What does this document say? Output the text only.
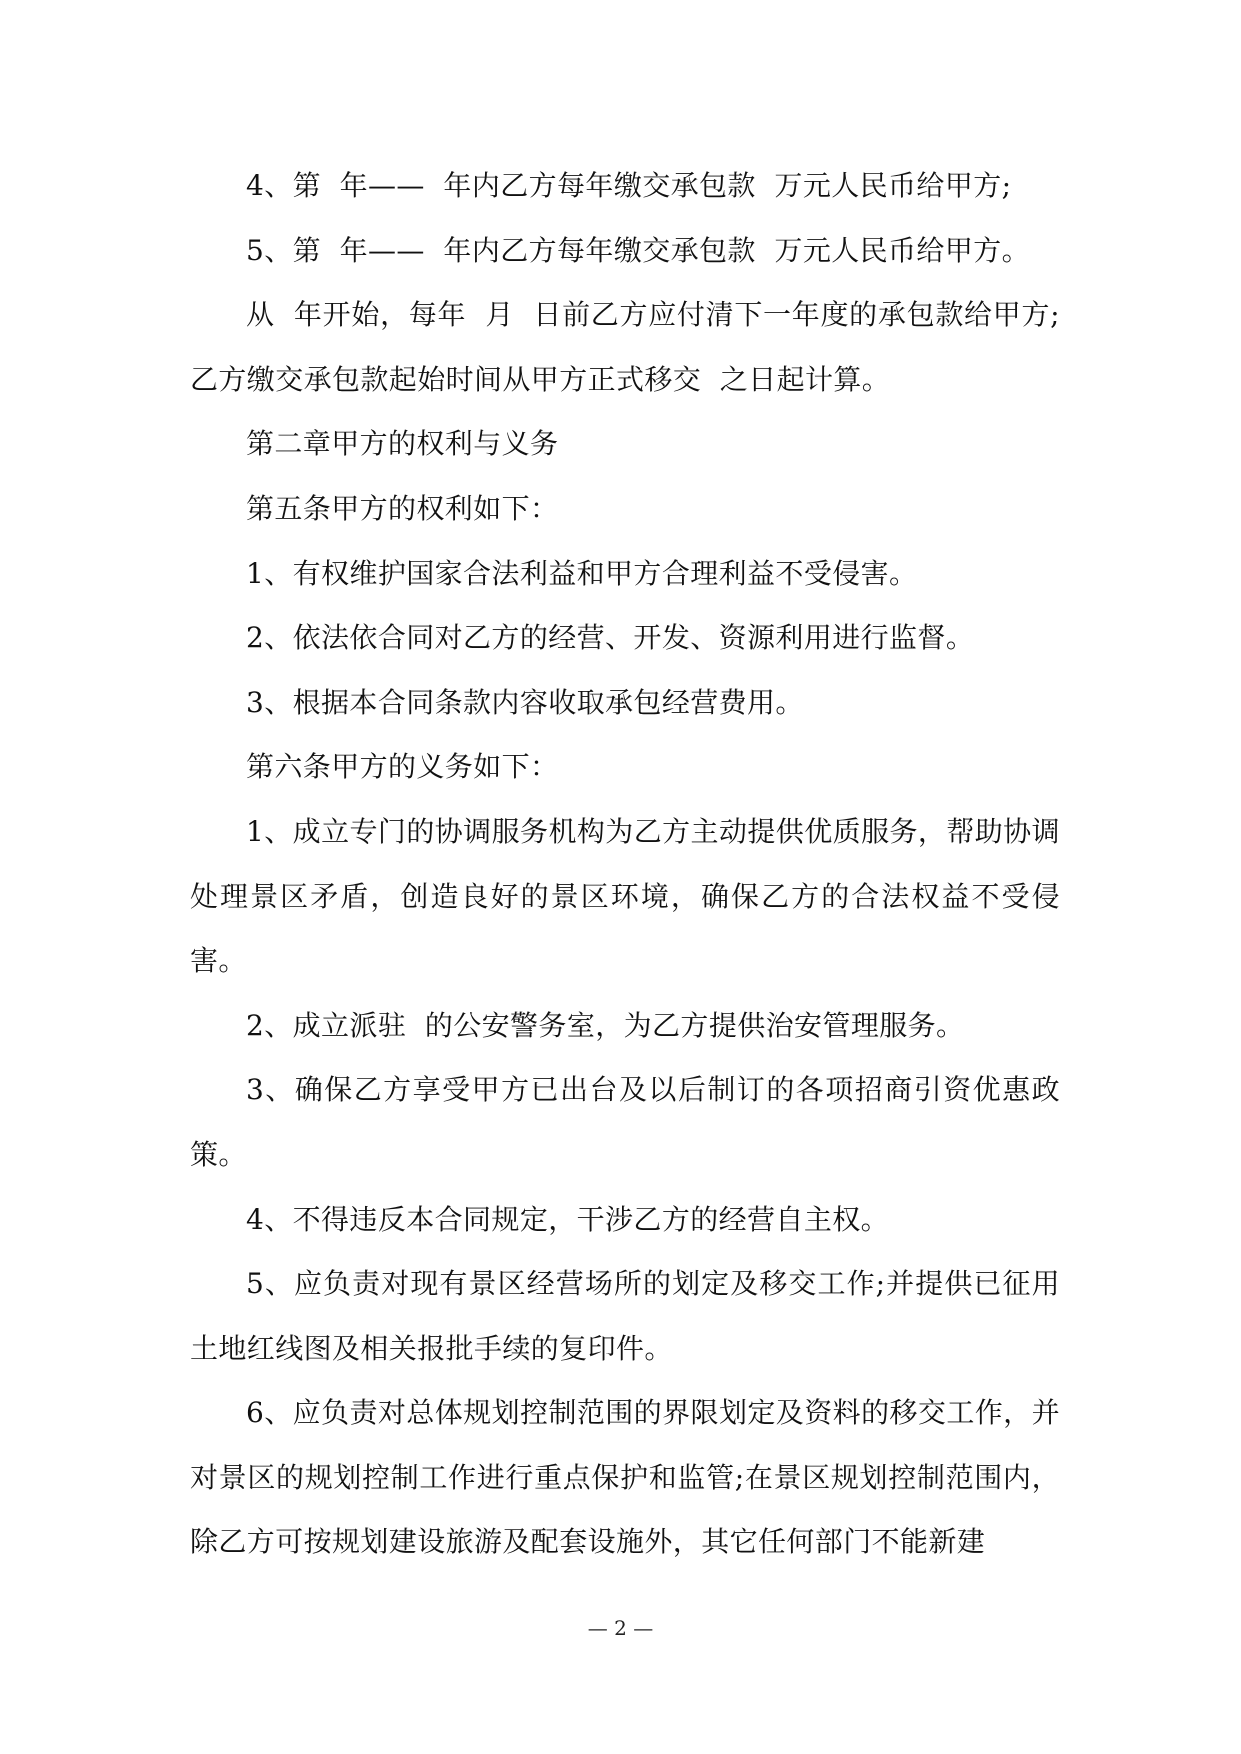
4、第  年——  年内乙方每年缴交承包款  万元人民币给甲方;

5、第  年——  年内乙方每年缴交承包款  万元人民币给甲方。

从  年开始，每年  月  日前乙方应付清下一年度的承包款给甲方;乙方缴交承包款起始时间从甲方正式移交  之日起计算。

第二章甲方的权利与义务

第五条甲方的权利如下：

1、有权维护国家合法利益和甲方合理利益不受侵害。

2、依法依合同对乙方的经营、开发、资源利用进行监督。

3、根据本合同条款内容收取承包经营费用。

第六条甲方的义务如下：

1、成立专门的协调服务机构为乙方主动提供优质服务，帮助协调处理景区矛盾，创造良好的景区环境，确保乙方的合法权益不受侵害。

2、成立派驻  的公安警务室，为乙方提供治安管理服务。

3、确保乙方享受甲方已出台及以后制订的各项招商引资优惠政策。

4、不得违反本合同规定，干涉乙方的经营自主权。

5、应负责对现有景区经营场所的划定及移交工作;并提供已征用土地红线图及相关报批手续的复印件。

6、应负责对总体规划控制范围的界限划定及资料的移交工作，并对景区的规划控制工作进行重点保护和监管;在景区规划控制范围内，除乙方可按规划建设旅游及配套设施外，其它任何部门不能新建

— 2 —
